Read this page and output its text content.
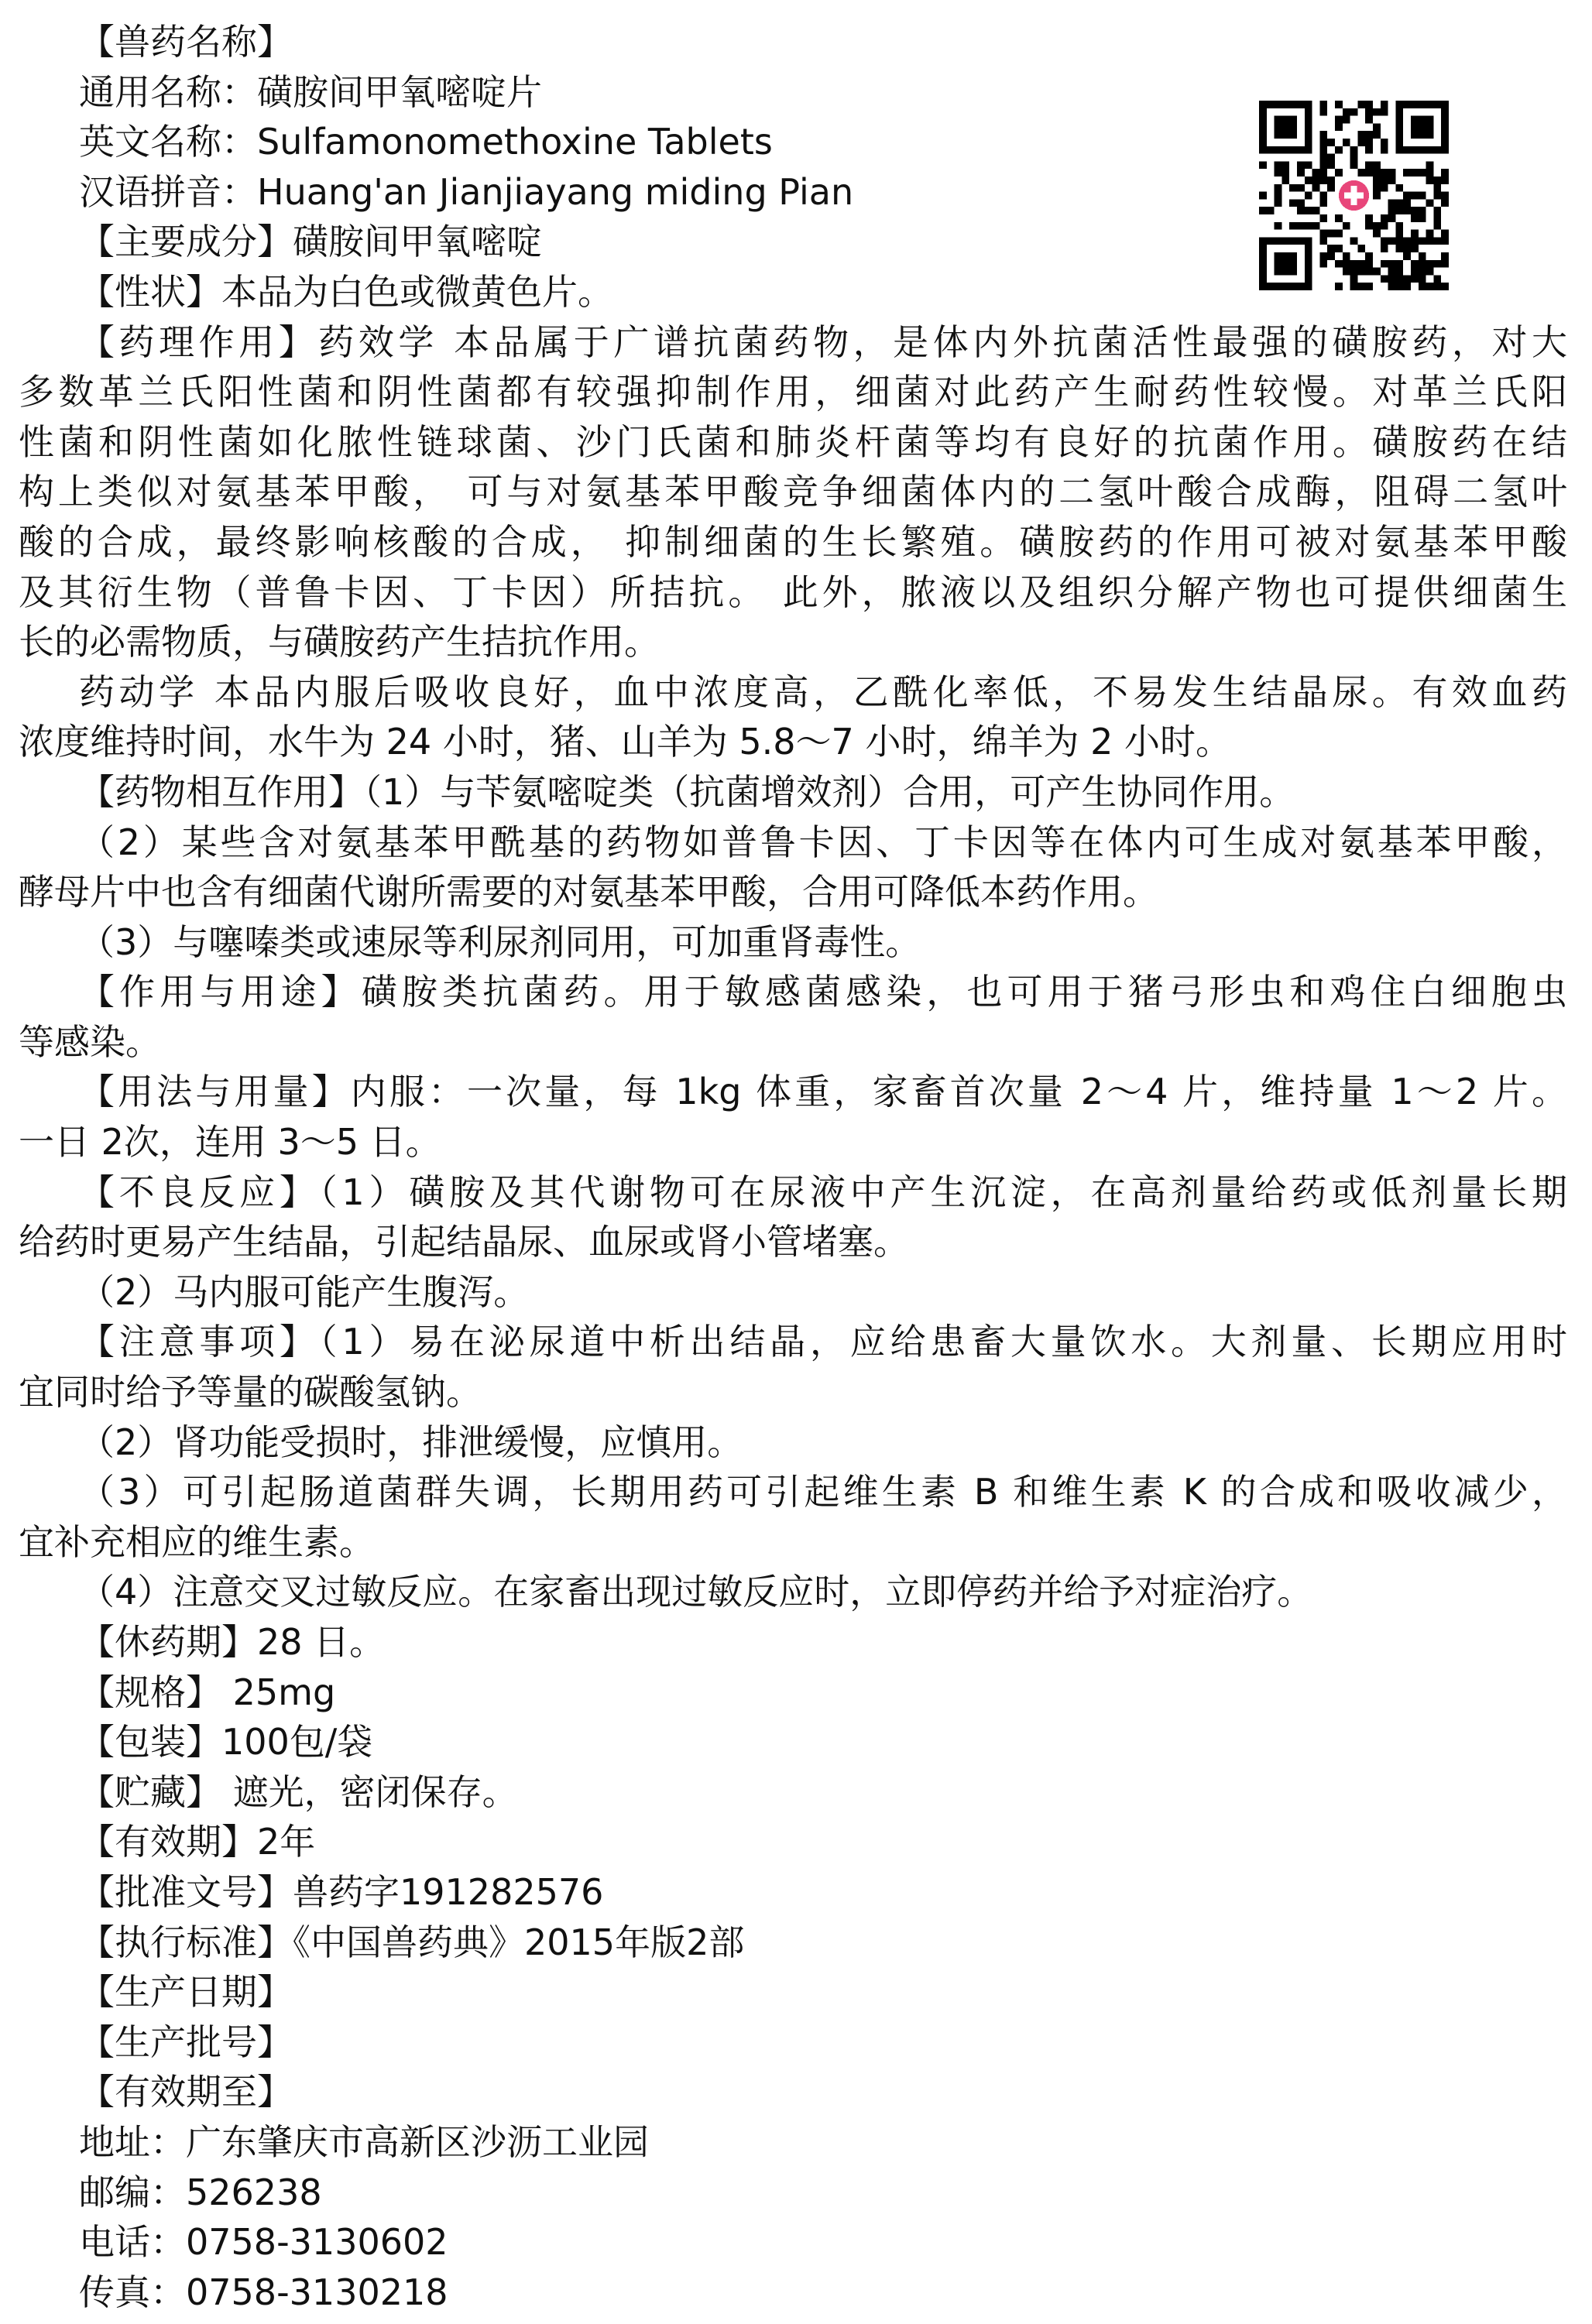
【兽药名称】
通用名称：磺胺间甲氧嘧啶片
英文名称：Sulfamonomethoxine Tablets
汉语拼音：Huang'an Jianjiayang miding Pian
【主要成分】磺胺间甲氧嘧啶
【性状】本品为白色或微黄色片。
【药理作用】药效学 本品属于广谱抗菌药物，是体内外抗菌活性最强的磺胺药，对大
多数革兰氏阳性菌和阴性菌都有较强抑制作用，细菌对此药产生耐药性较慢。对革兰氏阳
性菌和阴性菌如化脓性链球菌、沙门氏菌和肺炎杆菌等均有良好的抗菌作用。磺胺药在结
构上类似对氨基苯甲酸， 可与对氨基苯甲酸竞争细菌体内的二氢叶酸合成酶，阻碍二氢叶
酸的合成，最终影响核酸的合成， 抑制细菌的生长繁殖。磺胺药的作用可被对氨基苯甲酸
及其衍生物（普鲁卡因、丁卡因）所拮抗。 此外，脓液以及组织分解产物也可提供细菌生
长的必需物质，与磺胺药产生拮抗作用。
药动学 本品内服后吸收良好，血中浓度高，乙酰化率低，不易发生结晶尿。有效血药
浓度维持时间，水牛为 24 小时，猪、山羊为 5.8～7 小时，绵羊为 2 小时。
【药物相互作用】（1）与苄氨嘧啶类（抗菌增效剂）合用，可产生协同作用。
（2）某些含对氨基苯甲酰基的药物如普鲁卡因、丁卡因等在体内可生成对氨基苯甲酸，
酵母片中也含有细菌代谢所需要的对氨基苯甲酸，合用可降低本药作用。
（3）与噻嗪类或速尿等利尿剂同用，可加重肾毒性。
【作用与用途】磺胺类抗菌药。用于敏感菌感染，也可用于猪弓形虫和鸡住白细胞虫
等感染。
【用法与用量】内服：一次量，每 1kg 体重，家畜首次量 2～4 片，维持量 1～2 片。
一日 2次，连用 3～5 日。
【不良反应】（1）磺胺及其代谢物可在尿液中产生沉淀，在高剂量给药或低剂量长期
给药时更易产生结晶，引起结晶尿、血尿或肾小管堵塞。
（2）马内服可能产生腹泻。
【注意事项】（1）易在泌尿道中析出结晶，应给患畜大量饮水。大剂量、长期应用时
宜同时给予等量的碳酸氢钠。
（2）肾功能受损时，排泄缓慢，应慎用。
（3）可引起肠道菌群失调，长期用药可引起维生素 B 和维生素 K 的合成和吸收减少，
宜补充相应的维生素。
（4）注意交叉过敏反应。在家畜出现过敏反应时，立即停药并给予对症治疗。
【休药期】28 日。
【规格】 25mg
【包装】100包/袋
【贮藏】 遮光，密闭保存。
【有效期】2年
【批准文号】兽药字191282576
【执行标准】《中国兽药典》2015年版2部
【生产日期】
【生产批号】
【有效期至】
地址：广东肇庆市高新区沙沥工业园
邮编：526238
电话：0758-3130602
传真：0758-3130218
